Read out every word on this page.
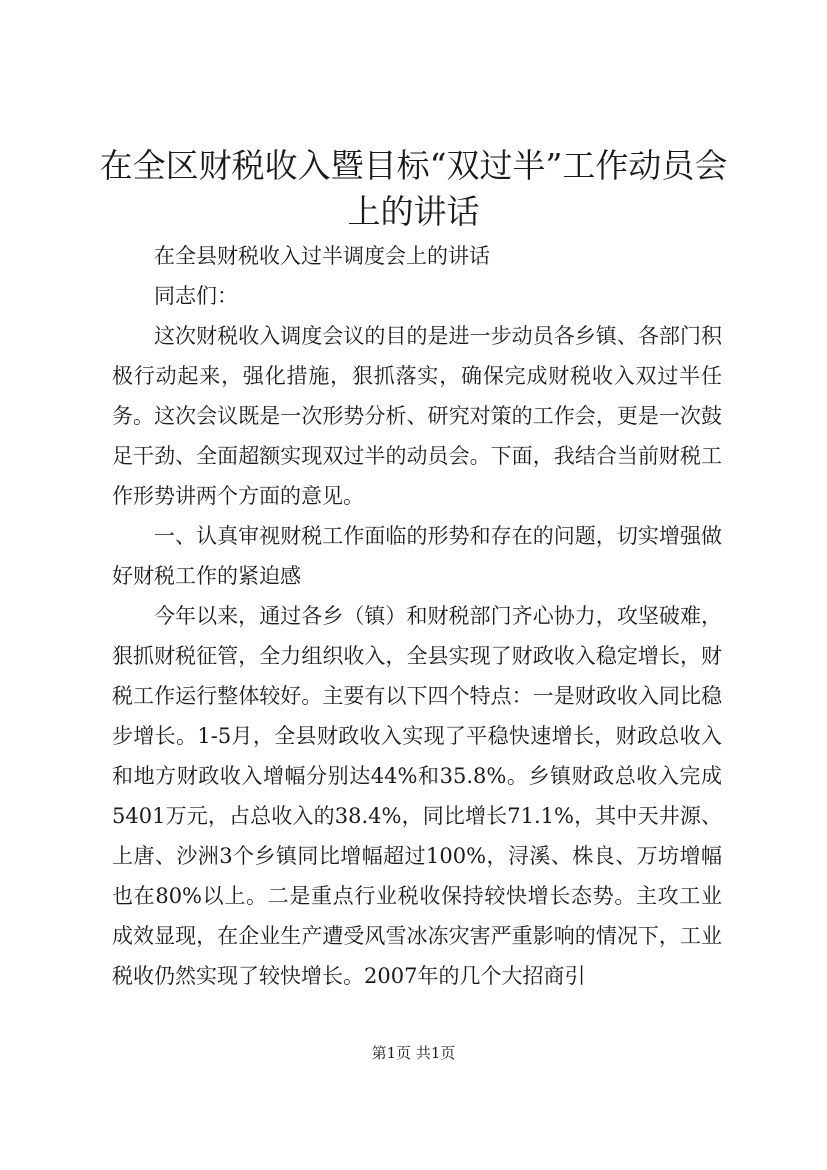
在全区财税收入暨目标“双过半”工作动员会上的讲话

在全县财税收入过半调度会上的讲话

同志们：

这次财税收入调度会议的目的是进一步动员各乡镇、各部门积极行动起来，强化措施，狠抓落实，确保完成财税收入双过半任务。这次会议既是一次形势分析、研究对策的工作会，更是一次鼓足干劲、全面超额实现双过半的动员会。下面，我结合当前财税工作形势讲两个方面的意见。

一、认真审视财税工作面临的形势和存在的问题，切实增强做好财税工作的紧迫感

今年以来，通过各乡（镇）和财税部门齐心协力，攻坚破难，狠抓财税征管，全力组织收入，全县实现了财政收入稳定增长，财税工作运行整体较好。主要有以下四个特点：一是财政收入同比稳步增长。1-5月，全县财政收入实现了平稳快速增长，财政总收入和地方财政收入增幅分别达44%和35.8%。乡镇财政总收入完成5401万元，占总收入的38.4%，同比增长71.1%，其中天井源、上唐、沙洲3个乡镇同比增幅超过100%，浔溪、株良、万坊增幅也在80%以上。二是重点行业税收保持较快增长态势。主攻工业成效显现，在企业生产遭受风雪冰冻灾害严重影响的情况下，工业税收仍然实现了较快增长。2007年的几个大招商引

第1页 共1页
